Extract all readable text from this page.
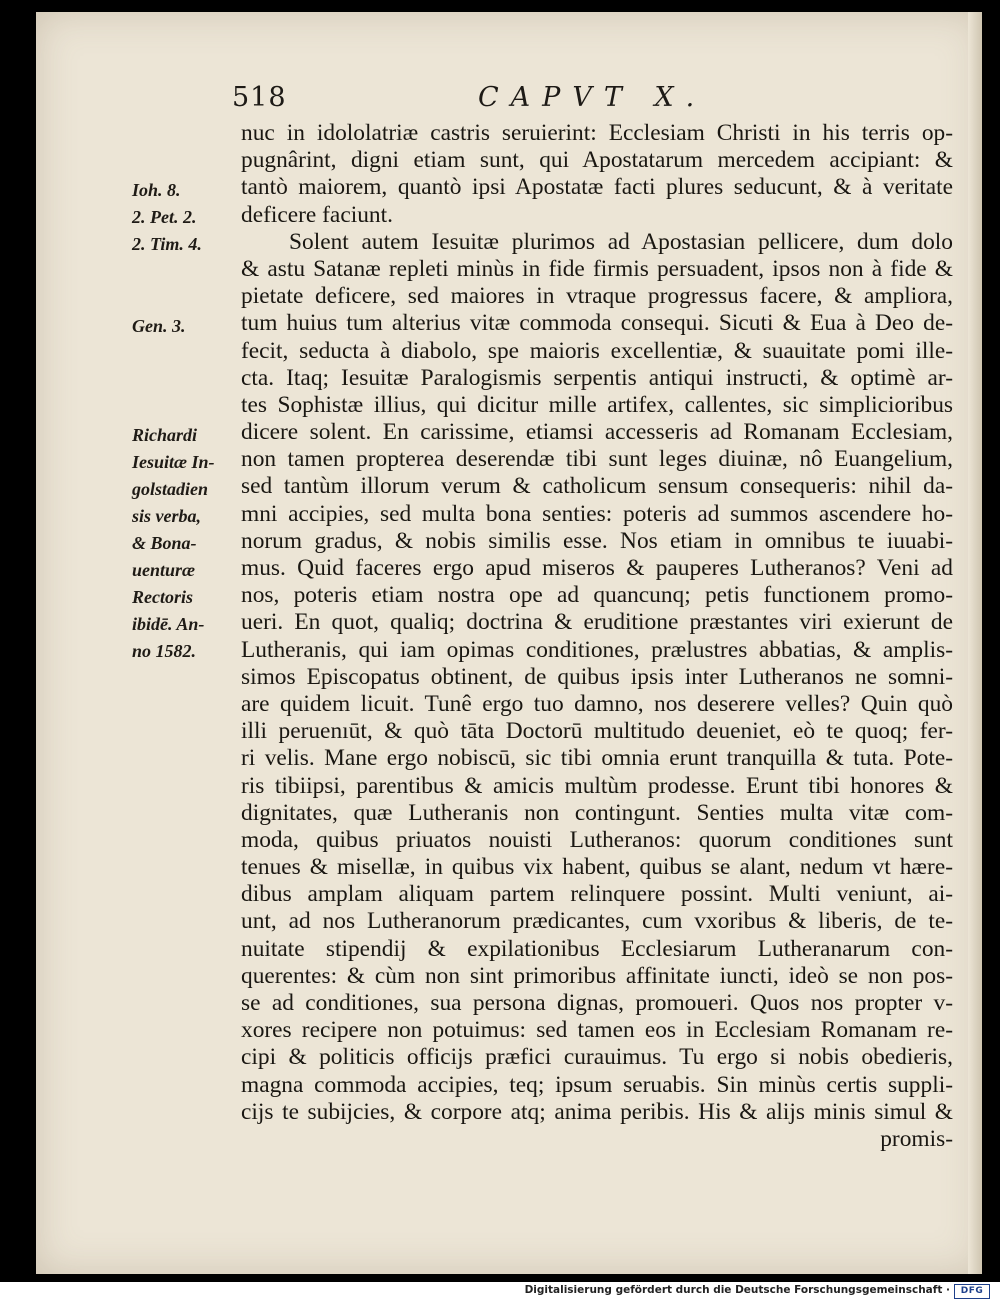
518	CAPVT X.
nuc in idololatriæ castris seruierint: Ecclesiam Christi in his terris op-
pugnârint, digni etiam sunt, qui Apostatarum mercedem accipiant: &
tantò maiorem, quantò ipsi Apostatæ facti plures seducunt, & à veritate
deficere faciunt.
Solent autem Iesuitæ plurimos ad Apostasian pellicere, dum dolo
& astu Satanæ repleti minùs in fide firmis persuadent, ipsos non à fide &
pietate deficere, sed maiores in vtraque progressus facere, & ampliora,
tum huius tum alterius vitæ commoda consequi. Sicuti & Eua à Deo de-
fecit, seducta à diabolo, spe maioris excellentiæ, & suauitate pomi ille-
cta. Itaq; Iesuitæ Paralogismis serpentis antiqui instructi, & optimè ar-
tes Sophistæ illius, qui dicitur mille artifex, callentes, sic simplicioribus
dicere solent. En carissime, etiamsi accesseris ad Romanam Ecclesiam,
non tamen propterea deserendæ tibi sunt leges diuinæ, nô Euangelium,
sed tantùm illorum verum & catholicum sensum consequeris: nihil da-
mni accipies, sed multa bona senties: poteris ad summos ascendere ho-
norum gradus, & nobis similis esse. Nos etiam in omnibus te iuuabi-
mus. Quid faceres ergo apud miseros & pauperes Lutheranos? Veni ad
nos, poteris etiam nostra ope ad quancunq; petis functionem promo-
ueri. En quot, qualiq; doctrina & eruditione præstantes viri exierunt de
Lutheranis, qui iam opimas conditiones, prælustres abbatias, & amplis-
simos Episcopatus obtinent, de quibus ipsis inter Lutheranos ne somni-
are quidem licuit. Tunê ergo tuo damno, nos deserere velles? Quin quò
illi peruenıūt, & quò tāta Doctorū multitudo deueniet, eò te quoq; fer-
ri velis. Mane ergo nobiscū, sic tibi omnia erunt tranquilla & tuta. Pote-
ris tibiipsi, parentibus & amicis multùm prodesse. Erunt tibi honores &
dignitates, quæ Lutheranis non contingunt. Senties multa vitæ com-
moda, quibus priuatos nouisti Lutheranos: quorum conditiones sunt
tenues & misellæ, in quibus vix habent, quibus se alant, nedum vt hære-
dibus amplam aliquam partem relinquere possint. Multi veniunt, ai-
unt, ad nos Lutheranorum prædicantes, cum vxoribus & liberis, de te-
nuitate stipendij & expilationibus Ecclesiarum Lutheranarum con-
querentes: & cùm non sint primoribus affinitate iuncti, ideò se non pos-
se ad conditiones, sua persona dignas, promoueri. Quos nos propter v-
xores recipere non potuimus: sed tamen eos in Ecclesiam Romanam re-
cipi & politicis officijs præfici curauimus. Tu ergo si nobis obedieris,
magna commoda accipies, teq; ipsum seruabis. Sin minùs certis suppli-
cijs te subijcies, & corpore atq; anima peribis. His & alijs minis simul &
promis-
Ioh. 8.
2. Pet. 2.
2. Tim. 4.
Gen. 3.
Richardi
Iesuitæ In-
golstadien
sis verba,
& Bona-
uenturæ
Rectoris
ibidē. An-
no 1582.
Digitalisierung gefördert durch die Deutsche Forschungsgemeinschaft ·	DFG
